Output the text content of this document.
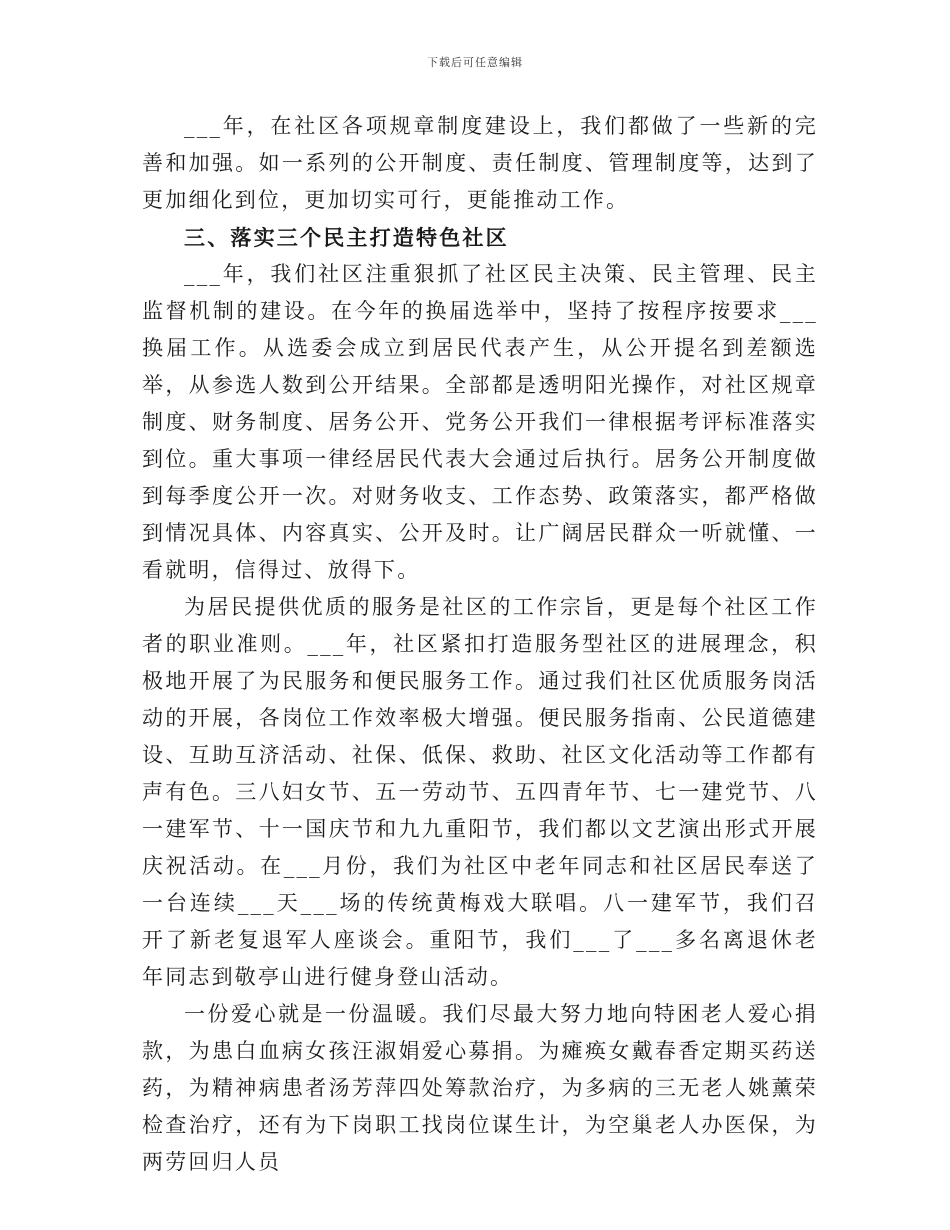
下载后可任意编辑

___年，在社区各项规章制度建设上，我们都做了一些新的完善和加强。如一系列的公开制度、责任制度、管理制度等，达到了更加细化到位，更加切实可行，更能推动工作。

三、落实三个民主打造特色社区

___年，我们社区注重狠抓了社区民主决策、民主管理、民主监督机制的建设。在今年的换届选举中，坚持了按程序按要求___换届工作。从选委会成立到居民代表产生，从公开提名到差额选举，从参选人数到公开结果。全部都是透明阳光操作，对社区规章制度、财务制度、居务公开、党务公开我们一律根据考评标准落实到位。重大事项一律经居民代表大会通过后执行。居务公开制度做到每季度公开一次。对财务收支、工作态势、政策落实，都严格做到情况具体、内容真实、公开及时。让广阔居民群众一听就懂、一看就明，信得过、放得下。

为居民提供优质的服务是社区的工作宗旨，更是每个社区工作者的职业准则。___年，社区紧扣打造服务型社区的进展理念，积极地开展了为民服务和便民服务工作。通过我们社区优质服务岗活动的开展，各岗位工作效率极大增强。便民服务指南、公民道德建设、互助互济活动、社保、低保、救助、社区文化活动等工作都有声有色。三八妇女节、五一劳动节、五四青年节、七一建党节、八一建军节、十一国庆节和九九重阳节，我们都以文艺演出形式开展庆祝活动。在___月份，我们为社区中老年同志和社区居民奉送了一台连续___天___场的传统黄梅戏大联唱。八一建军节，我们召开了新老复退军人座谈会。重阳节，我们___了___多名离退休老年同志到敬亭山进行健身登山活动。

一份爱心就是一份温暖。我们尽最大努力地向特困老人爱心捐款，为患白血病女孩汪淑娟爱心募捐。为瘫痪女戴春香定期买药送药，为精神病患者汤芳萍四处筹款治疗，为多病的三无老人姚薰荣检查治疗，还有为下岗职工找岗位谋生计，为空巢老人办医保，为两劳回归人员
